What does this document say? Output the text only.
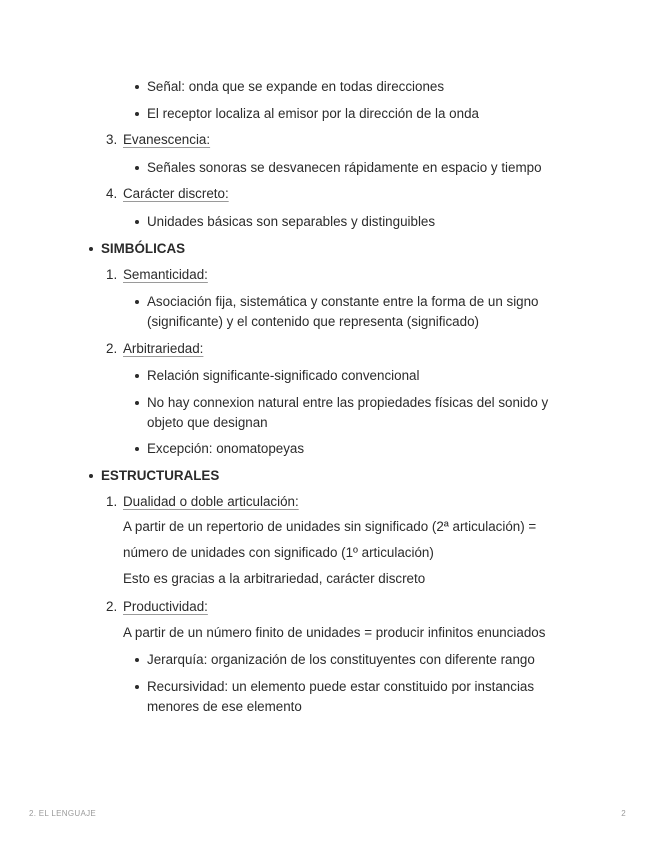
Señal: onda que se expande en todas direcciones
El receptor localiza al emisor por la dirección de la onda
3. Evanescencia:
Señales sonoras se desvanecen rápidamente en espacio y tiempo
4. Carácter discreto:
Unidades básicas son separables y distinguibles
SIMBÓLICAS
1. Semanticidad:
Asociación fija, sistemática y constante entre la forma de un signo (significante) y el contenido que representa (significado)
2. Arbitrariedad:
Relación significante-significado convencional
No hay connexion natural entre las propiedades físicas del sonido y objeto que designan
Excepción: onomatopeyas
ESTRUCTURALES
1. Dualidad o doble articulación:
A partir de un repertorio de unidades sin significado (2ª articulación) =
número de unidades con significado (1º articulación)
Esto es gracias a la arbitrariedad, carácter discreto
2. Productividad:
A partir de un número finito de unidades = producir infinitos enunciados
Jerarquía: organización de los constituyentes con diferente rango
Recursividad: un elemento puede estar constituido por instancias menores de ese elemento
2. EL LENGUAJE	2
